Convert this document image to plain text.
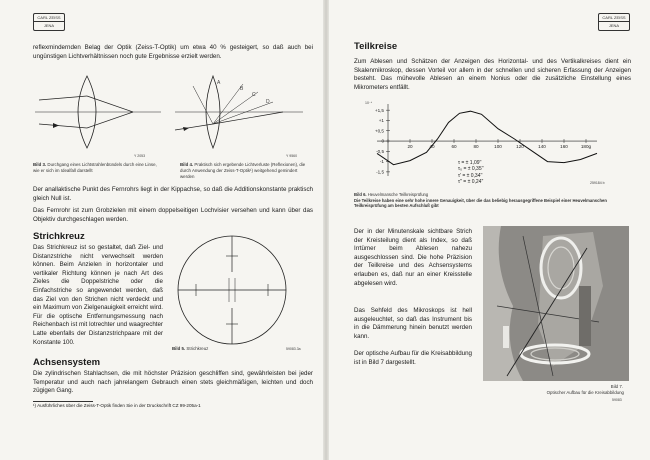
CARL ZEISS
JENA

reflexmindernden Belag der Optik (Zeiss-T-Optik) um etwa 40 % gesteigert, so daß auch bei ungünstigen Lichtverhältnissen noch gute Ergebnisse erzielt werden.

Y 2053
Bild 3. Durchgang eines Lichtstrahlenbündels durch eine Linse, wie er sich im Idealfall darstellt
A
B
C
D
Y 9560
Bild 4. Praktisch sich ergebende Lichtverluste (Reflexionen), die durch Anwendung der Zeiss-T-Optik¹) weitgehend gemindert werden

Der anallaktische Punkt des Fernrohrs liegt in der Kippachse, so daß die Additionskonstante praktisch gleich Null ist.

Das Fernrohr ist zum Grobzielen mit einem doppelseitigen Lochvisier versehen und kann über das Objektiv durchgeschlagen werden.

Strichkreuz

Das Strichkreuz ist so gestaltet, daß Ziel- und Distanzstriche nicht verwechselt werden können. Beim Anzielen in horizontaler und vertikaler Richtung können je nach Art des Zieles die Doppelstriche oder die Einfachstriche so angewendet werden, daß das Ziel von den Strichen nicht verdeckt und ein Maximum von Zielgenauigkeit erreicht wird. Für die optische Entfernungsmessung nach Reichenbach ist mit lotrechter und waagrechter Latte ebenfalls der Distanzstrichpaare mit der Konstante 100.

Bild 5. Strichkreuz	59083.3a
Achsensystem

Die zylindrischen Stahlachsen, die mit höchster Präzision geschliffen sind, gewährleisten bei jeder Temperatur und auch nach jahrelangem Gebrauch einen stets gleichmäßigen, leichten und doch zügigen Gang.

¹) Ausführliches über die Zeiss-T-Optik finden Sie in der Druckschrift CZ 99-205a-1

CARL ZEISS
JENA
Teilkreise

Zum Ablesen und Schätzen der Anzeigen des Horizontal- und des Vertikalkreises dient ein Skalenmikroskop, dessen Vorteil vor allem in der schnellen und sicheren Erfassung der Anzeigen besteht. Das mühevolle Ablesen an einem Nonius oder die zusätzliche Einstellung eines Mikrometers entfällt.

+1,5
+1
+0,5
0
-0,5
-1
-1,5
20	40	60	80	100	120	140	160	180g
10⁻⁶
259184 b
τ = ± 1,09''
τ₀ = ± 0,35''
τ' = ± 0,34''
τ'' = ± 0,24''
Bild 6. Heuvelmansche Teilkreisprüfung
Die Teilkreise haben eine sehr hohe innere Genauigkeit, über die das beliebig herausgegriffene Beispiel einer Heuvelmanschen Teilkreisprüfung am besten Aufschluß gibt

Der in der Minutenskale sichtbare Strich der Kreisteilung dient als Index, so daß Irrtümer beim Ablesen nahezu ausgeschlossen sind. Die hohe Präzision der Teilkreise und des Achsensystems erlauben es, daß nur an einer Kreisstelle abgelesen wird.

Das Sehfeld des Mikroskops ist hell ausgeleuchtet, so daß das Instrument bis in die Dämmerung hinein benutzt werden kann.

Der optische Aufbau für die Kreisabbildung ist in Bild 7 dargestellt.

Bild 7.
Optischer Aufbau für die Kreisabbildung
59083
